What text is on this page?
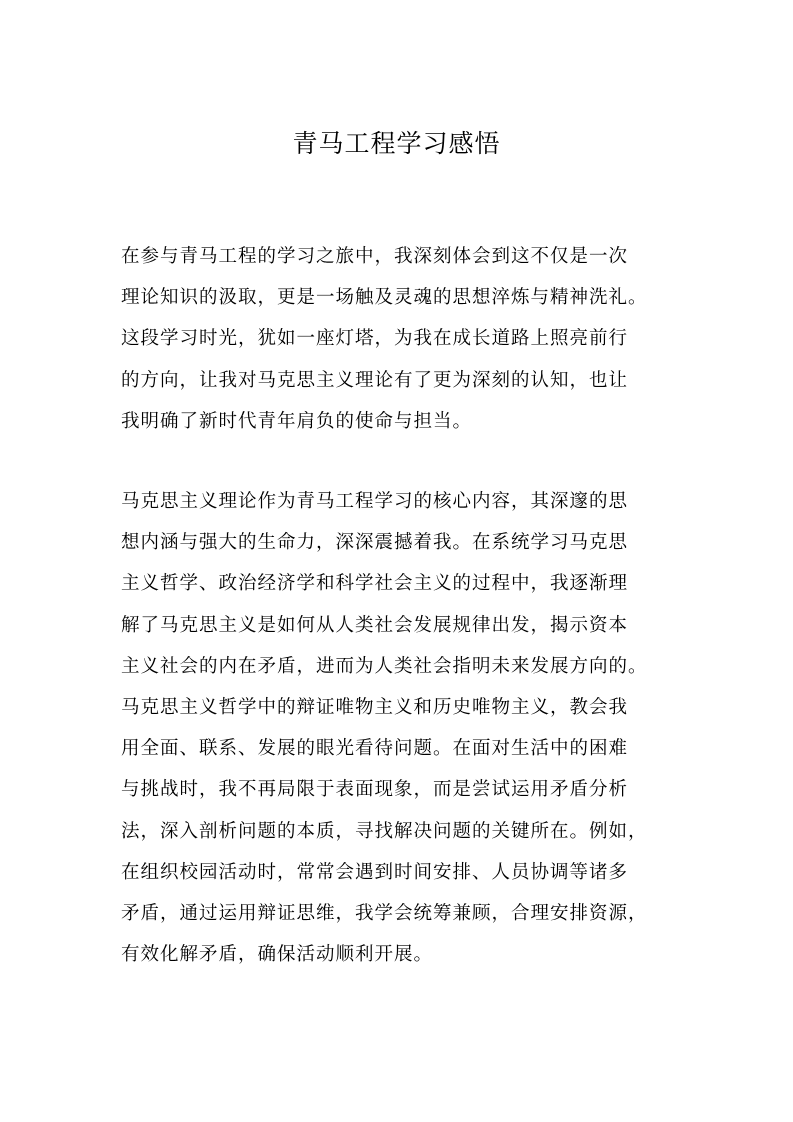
青马工程学习感悟
在参与青马工程的学习之旅中，我深刻体会到这不仅是一次
理论知识的汲取，更是一场触及灵魂的思想淬炼与精神洗礼。
这段学习时光，犹如一座灯塔，为我在成长道路上照亮前行
的方向，让我对马克思主义理论有了更为深刻的认知，也让
我明确了新时代青年肩负的使命与担当。
马克思主义理论作为青马工程学习的核心内容，其深邃的思
想内涵与强大的生命力，深深震撼着我。在系统学习马克思
主义哲学、政治经济学和科学社会主义的过程中，我逐渐理
解了马克思主义是如何从人类社会发展规律出发，揭示资本
主义社会的内在矛盾，进而为人类社会指明未来发展方向的。
马克思主义哲学中的辩证唯物主义和历史唯物主义，教会我
用全面、联系、发展的眼光看待问题。在面对生活中的困难
与挑战时，我不再局限于表面现象，而是尝试运用矛盾分析
法，深入剖析问题的本质，寻找解决问题的关键所在。例如，
在组织校园活动时，常常会遇到时间安排、人员协调等诸多
矛盾，通过运用辩证思维，我学会统筹兼顾，合理安排资源，
有效化解矛盾，确保活动顺利开展。
